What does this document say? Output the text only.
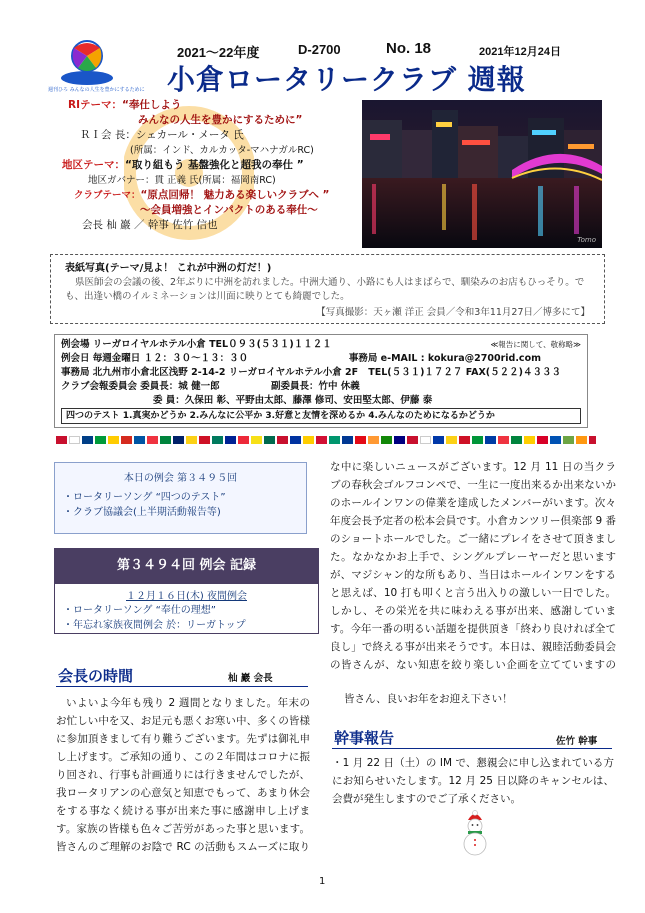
週刊ひろ みんなの人生を豊かにするために
2021～22年度	D-2700	No. 18	2021年12月24日
小倉ロータリークラブ 週報
RIテーマ：“奉仕しよう
みんなの人生を豊かにするために”
ＲＩ会 長：シェカール・メータ 氏
(所属：インド、カルカッタ-マハナガルRC)
地区テーマ：“取り組もう 基盤強化と超我の奉仕 ”
地区ガバナー：貫 正義 氏(所属：福岡南RC)
クラブテーマ：“原点回帰！ 魅力ある楽しいクラブへ ”
～会員増強とインパクトのある奉仕～
会長 杣 巖 ／ 幹事 佐竹 信也
Tomo
表紙写真(テーマ/見よ！ これが中洲の灯だ！)
県医師会の会議の後、2年ぶりに中洲を訪れました。中洲大通り、小路にも人はまばらで、馴染みのお店もひっそり。でも、出逢い橋のイルミネーションは川面に映りとても綺麗でした。
【写真撮影：天ヶ瀬 洋正 会員／令和3年11月27日／博多にて】
例会場 リーガロイヤルホテル小倉 TEL０９３(５３１)１１２１	≪報告に関して、敬称略≫
例会日 毎週金曜日 １２：３０～１３：３０	事務局 e-MAIL : kokura@2700rid.com
事務局 北九州市小倉北区浅野 2-14-2 リーガロイヤルホテル小倉 2F TEL(５３１)１７２７ FAX(５２２)４３３３
クラブ会報委員会 委員長：城 健一郎	副委員長：竹中 休義
委 員：久保田 彰、平野由太郎、藤澤 修司、安田堅太郎、伊藤 泰
四つのテスト 1.真実かどうか 2.みんなに公平か 3.好意と友情を深めるか 4.みんなのためになるかどうか
本日の例会 第３４９５回
・ロータリーソング “四つのテスト”
・クラブ協議会(上半期活動報告等)
第３４９４回 例会 記録
１２月１６日(木) 夜間例会
・ロータリーソング “奉仕の理想”
・年忘れ家族夜間例会 於：リーガトップ
会長の時間	杣 巖 会長
いよいよ今年も残り 2 週間となりました。年末のお忙しい中を又、お足元も悪くお寒い中、多くの皆様に参加頂きまして有り難うございます。先ずは御礼申し上げます。ご承知の通り、この２年間はコロナに振り回され、行事も計画通りには行きませんでしたが、我ロータリアンの心意気と知恵でもって、あまり休会をする事なく続ける事が出来た事に感謝申し上げます。家族の皆様も色々ご苦労があった事と思います。皆さんのご理解のお陰で RC の活動もスムーズに取り
な中に楽しいニュースがございます。12 月 11 日の当クラブの春秋会ゴルフコンペで、一生に一度出来るか出来ないかのホールインワンの偉業を達成したメンバーがいます。次々年度会長予定者の松本会員です。小倉カンツリー倶楽部 9 番のショートホールでした。ご一緒にプレイをさせて頂きました。なかなかお上手で、シングルプレーヤーだと思いますが、マジシャン的な所もあり、当日はホールインワンをすると思えば、10 打も叩くと言う出入りの激しい一日でした。しかし、その栄光を共に味わえる事が出来、感謝しています。今年一番の明るい話題を提供頂き「終わり良ければ全て良し」で終える事が出来そうです。本日は、親睦活動委員会の皆さんが、ない知恵を絞り楽しい企画を立てていますの
皆さん、良いお年をお迎え下さい！
幹事報告	佐竹 幹事
・1 月 22 日（土）の IM で、懇親会に申し込まれている方にお知らせいたします。12 月 25 日以降のキャンセルは、会費が発生しますのでご了承ください。
1
